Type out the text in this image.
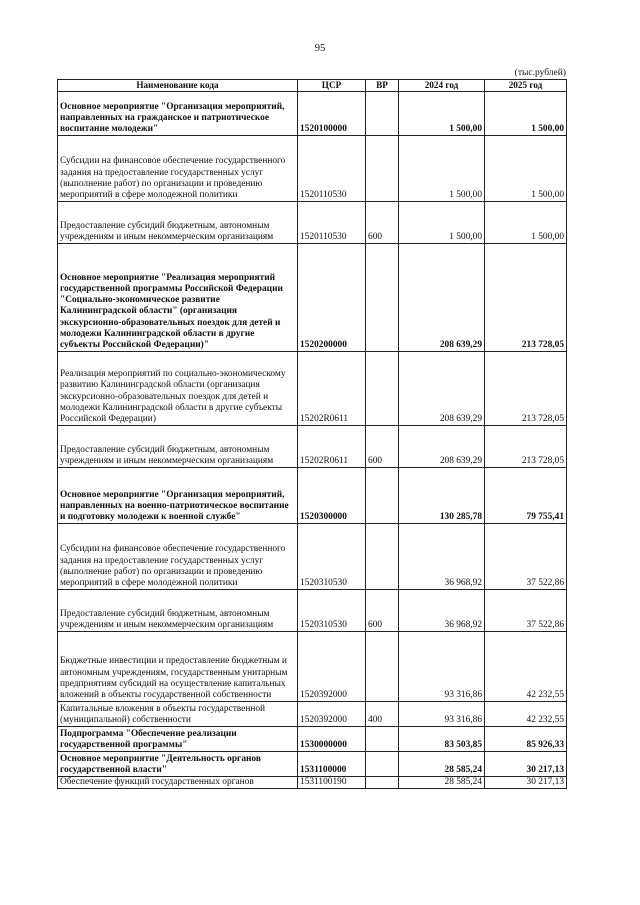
95
(тыс.рублей)
Наименование кода	ЦСР	ВР	2024 год	2025 год
Основное мероприятие "Организация мероприятий, направленных на гражданское и патриотическое воспитание молодежи"	1520100000		1 500,00	1 500,00
Субсидии на финансовое обеспечение государственного задания на предоставление государственных услуг (выполнение работ) по организации и проведению мероприятий в сфере молодежной политики	1520110530		1 500,00	1 500,00
Предоставление субсидий бюджетным, автономным учреждениям и иным некоммерческим организациям	1520110530	600	1 500,00	1 500,00
Основное мероприятие "Реализация мероприятий государственной программы Российской Федерации "Социально-экономическое развитие Калининградской области" (организация экскурсионно-образовательных поездок для детей и молодежи Калининградской области в другие субъекты Российской Федерации)"	1520200000		208 639,29	213 728,05
Реализация мероприятий по социально-экономическому развитию Калининградской области (организация экскурсионно-образовательных поездок для детей и молодежи Калининградской области в другие субъекты Российской Федерации)	15202R0611		208 639,29	213 728,05
Предоставление субсидий бюджетным, автономным учреждениям и иным некоммерческим организациям	15202R0611	600	208 639,29	213 728,05
Основное мероприятие "Организация мероприятий, направленных на военно-патриотическое воспитание и подготовку молодежи к военной службе"	1520300000		130 285,78	79 755,41
Субсидии на финансовое обеспечение государственного задания на предоставление государственных услуг (выполнение работ) по организации и проведению мероприятий в сфере молодежной политики	1520310530		36 968,92	37 522,86
Предоставление субсидий бюджетным, автономным учреждениям и иным некоммерческим организациям	1520310530	600	36 968,92	37 522,86
Бюджетные инвестиции и предоставление бюджетным и автономным учреждениям, государственным унитарным предприятиям субсидий на осуществление капитальных вложений в объекты государственной собственности	1520392000		93 316,86	42 232,55
Капитальные вложения в объекты государственной (муниципальной) собственности	1520392000	400	93 316,86	42 232,55
Подпрограмма "Обеспечение реализации государственной программы"	1530000000		83 503,85	85 926,33
Основное мероприятие "Деятельность органов государственной власти"	1531100000		28 585,24	30 217,13
Обеспечение функций государственных органов	1531100190		28 585,24	30 217,13
